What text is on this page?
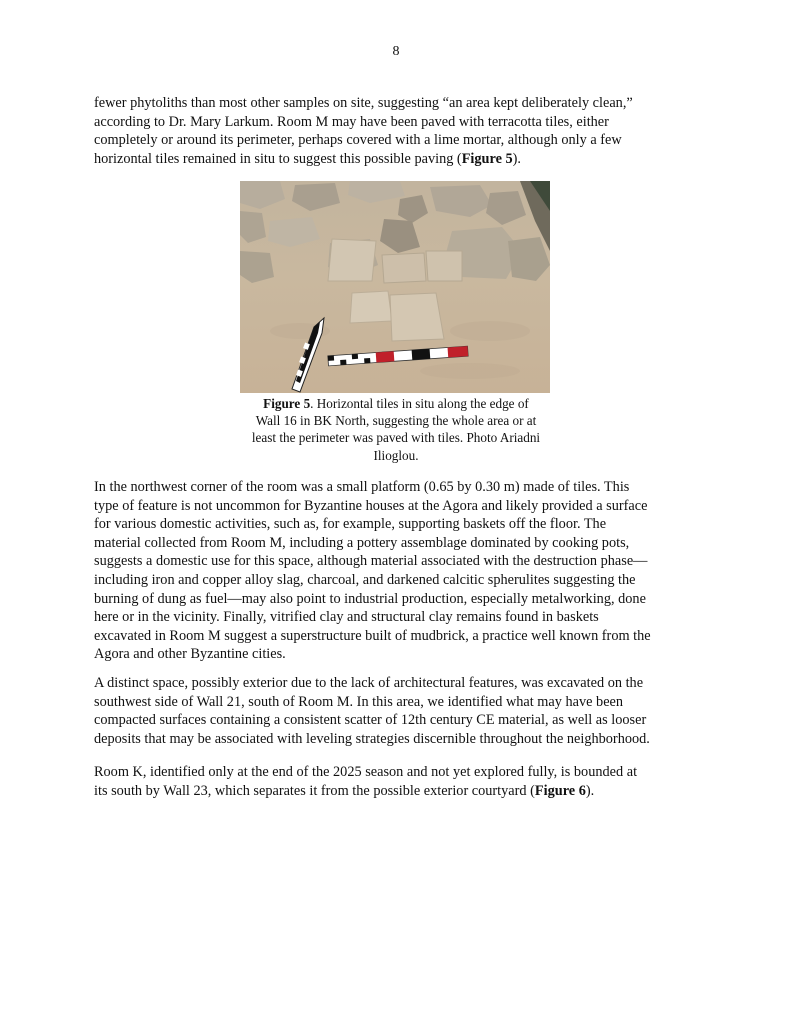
8

fewer phytoliths than most other samples on site, suggesting “an area kept deliberately clean,”
according to Dr. Mary Larkum. Room M may have been paved with terracotta tiles, either
completely or around its perimeter, perhaps covered with a lime mortar, although only a few
horizontal tiles remained in situ to suggest this possible paving (Figure 5).

Figure 5. Horizontal tiles in situ along the edge of
Wall 16 in BK North, suggesting the whole area or at
least the perimeter was paved with tiles. Photo Ariadni
Ilioglou.

In the northwest corner of the room was a small platform (0.65 by 0.30 m) made of tiles. This
type of feature is not uncommon for Byzantine houses at the Agora and likely provided a surface
for various domestic activities, such as, for example, supporting baskets off the floor. The
material collected from Room M, including a pottery assemblage dominated by cooking pots,
suggests a domestic use for this space, although material associated with the destruction phase—
including iron and copper alloy slag, charcoal, and darkened calcitic spherulites suggesting the
burning of dung as fuel—may also point to industrial production, especially metalworking, done
here or in the vicinity. Finally, vitrified clay and structural clay remains found in baskets
excavated in Room M suggest a superstructure built of mudbrick, a practice well known from the
Agora and other Byzantine cities.

A distinct space, possibly exterior due to the lack of architectural features, was excavated on the
southwest side of Wall 21, south of Room M. In this area, we identified what may have been
compacted surfaces containing a consistent scatter of 12th century CE material, as well as looser
deposits that may be associated with leveling strategies discernible throughout the neighborhood.

Room K, identified only at the end of the 2025 season and not yet explored fully, is bounded at
its south by Wall 23, which separates it from the possible exterior courtyard (Figure 6).
